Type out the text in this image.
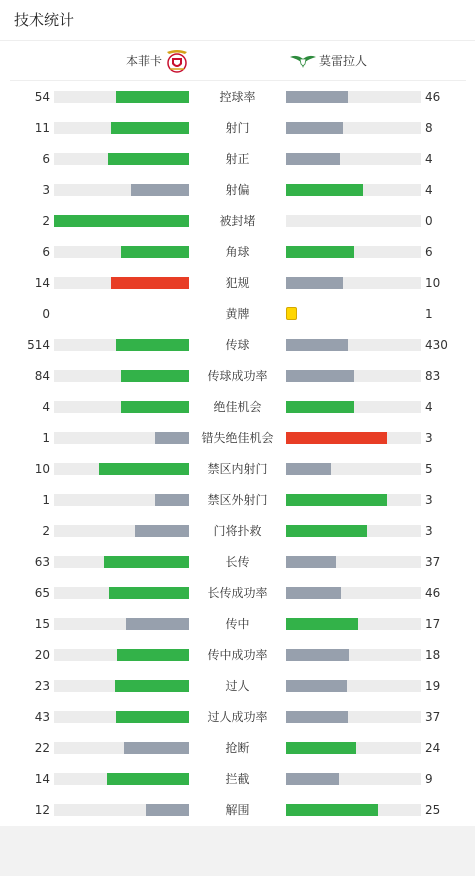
技术统计
本菲卡	莫雷拉人
54	控球率	46
11	射门	8
6	射正	4
3	射偏	4
2	被封堵	0
6	角球	6
14	犯规	10
0	黄牌	1
514	传球	430
84	传球成功率	83
4	绝佳机会	4
1	错失绝佳机会	3
10	禁区内射门	5
1	禁区外射门	3
2	门将扑救	3
63	长传	37
65	长传成功率	46
15	传中	17
20	传中成功率	18
23	过人	19
43	过人成功率	37
22	抢断	24
14	拦截	9
12	解围	25
